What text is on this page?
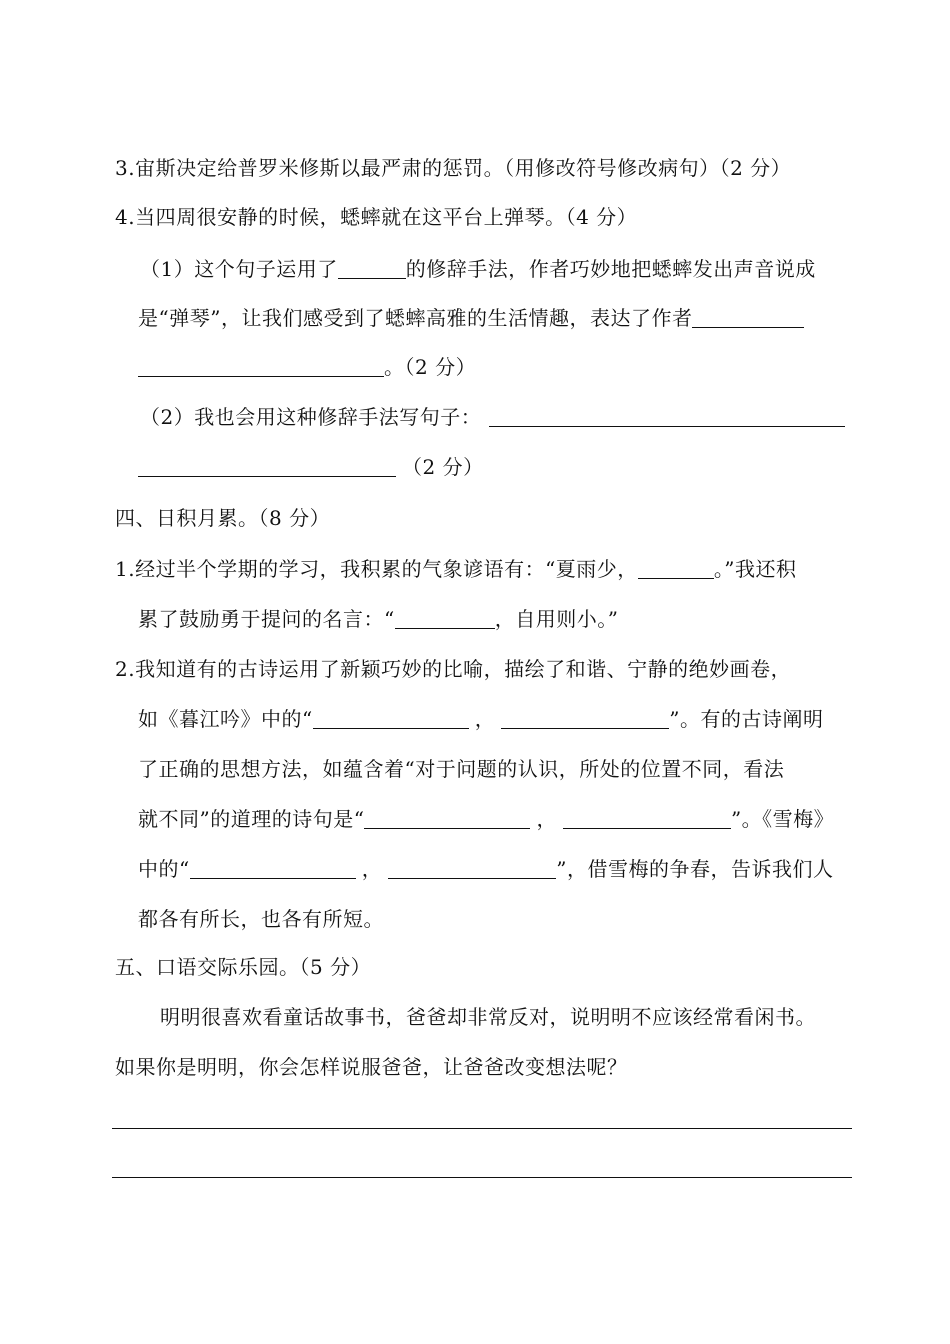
3.宙斯决定给普罗米修斯以最严肃的惩罚。（用修改符号修改病句）（2 分）
4.当四周很安静的时候，蟋蟀就在这平台上弹琴。（4 分）
（1）这个句子运用了	的修辞手法，作者巧妙地把蟋蟀发出声音说成
是“弹琴”，让我们感受到了蟋蟀高雅的生活情趣，表达了作者
。（2 分）
（2）我也会用这种修辞手法写句子：
（2 分）
四、日积月累。（8 分）
1.经过半个学期的学习，我积累的气象谚语有：“夏雨少，	。”我还积
累了鼓励勇于提问的名言：“	，自用则小。”
2.我知道有的古诗运用了新颖巧妙的比喻，描绘了和谐、宁静的绝妙画卷，
如《暮江吟》中的“	，	”。有的古诗阐明
了正确的思想方法，如蕴含着“对于问题的认识，所处的位置不同，看法
就不同”的道理的诗句是“	，	”。《雪梅》
中的“	，	”，借雪梅的争春，告诉我们人
都各有所长，也各有所短。
五、口语交际乐园。（5 分）
明明很喜欢看童话故事书，爸爸却非常反对，说明明不应该经常看闲书。
如果你是明明，你会怎样说服爸爸，让爸爸改变想法呢？
